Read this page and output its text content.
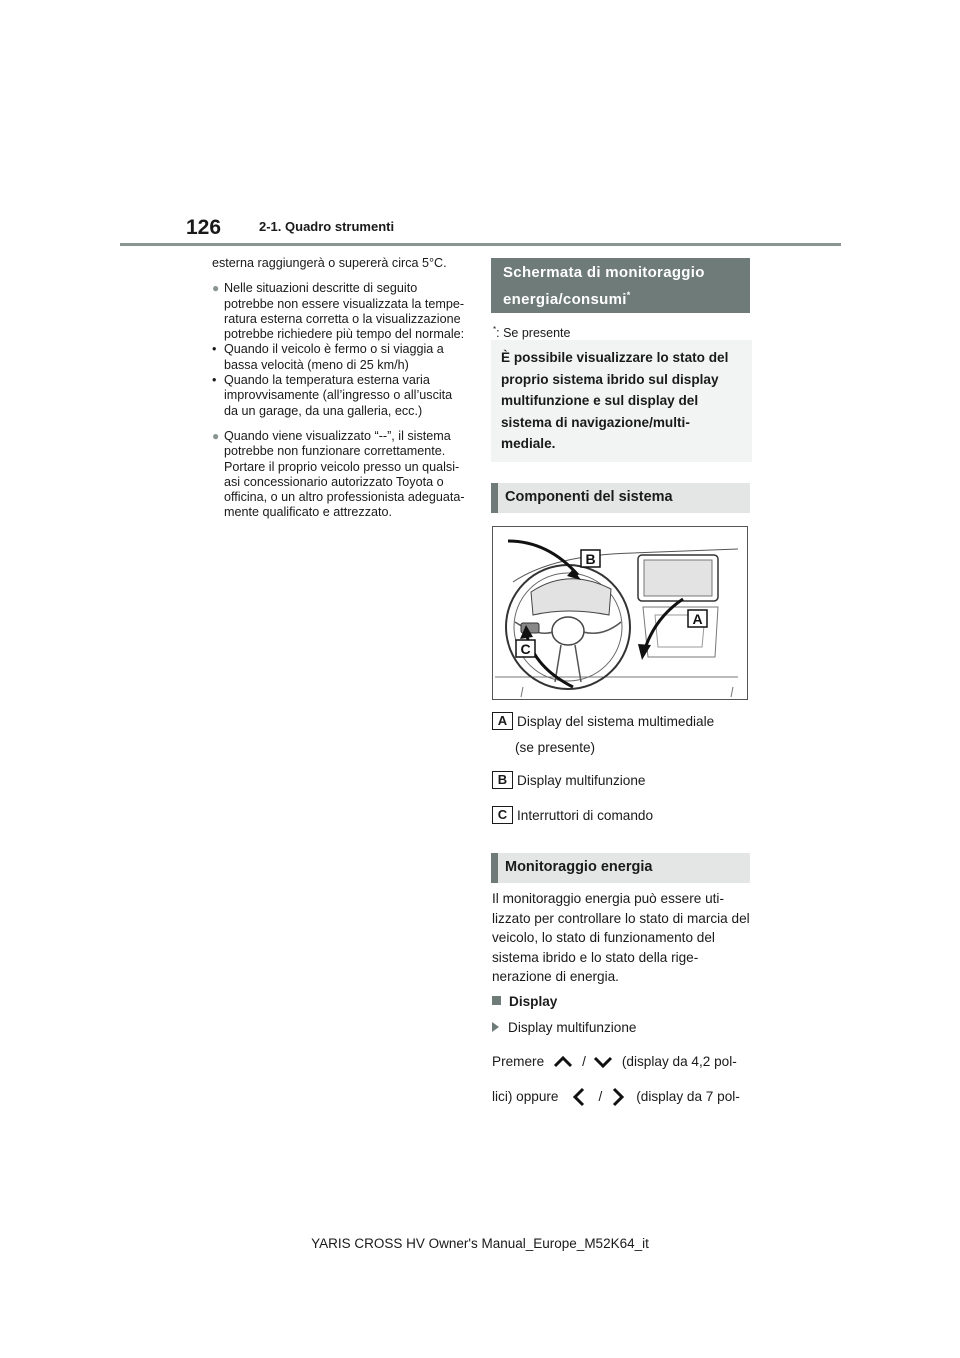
126	2-1. Quadro strumenti

esterna raggiungerà o supererà circa 5°C.

● Nelle situazioni descritte di seguito potrebbe non essere visualizzata la tempe-ratura esterna corretta o la visualizzazione potrebbe richiedere più tempo del normale:
• Quando il veicolo è fermo o si viaggia a bassa velocità (meno di 25 km/h)
• Quando la temperatura esterna varia improvvisamente (all’ingresso o all’uscita da un garage, da una galleria, ecc.)
● Quando viene visualizzato “--”, il sistema potrebbe non funzionare correttamente. Portare il proprio veicolo presso un qualsi-asi concessionario autorizzato Toyota o officina, o un altro professionista adeguata-mente qualificato e attrezzato.
Schermata di monitoraggio
energia/consumi*
*: Se presente
È possibile visualizzare lo stato del proprio sistema ibrido sul display multifunzione e sul display del sistema di navigazione/multi-mediale.
Componenti del sistema
B
A
C
A Display del sistema multimediale
(se presente)
B Display multifunzione
C Interruttori di comando
Monitoraggio energia
Il monitoraggio energia può essere uti-lizzato per controllare lo stato di marcia del veicolo, lo stato di funzionamento del sistema ibrido e lo stato della rige-nerazione di energia.
Display
Display multifunzione
Premere	/	(display da 4,2 pol-
lici) oppure	/	(display da 7 pol-
YARIS CROSS HV Owner's Manual_Europe_M52K64_it
